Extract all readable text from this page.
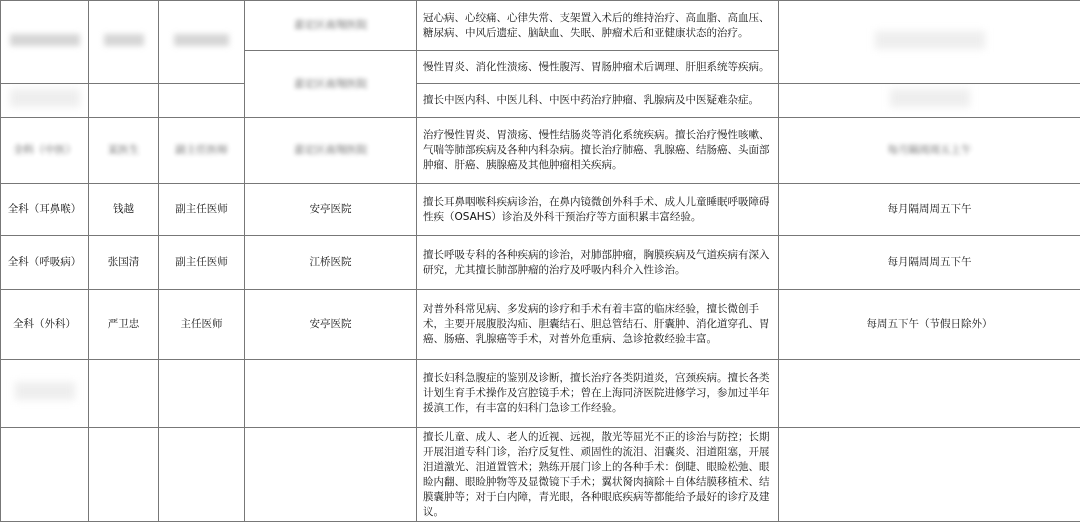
			嘉定区南翔医院	冠心病、心绞痛、心律失常、支架置入术后的维持治疗、高血脂、高血压、糖尿病、中风后遗症、脑缺血、失眠、肿瘤术后和亚健康状态的治疗。	
			嘉定区南翔医院	慢性胃炎、消化性溃疡、慢性腹泻、胃肠肿瘤术后调理、肝胆系统等疾病。	
				擅长中医内科、中医儿科、中医中药治疗肿瘤、乳腺病及中医疑难杂症。	
全科（中医）	某医生	副主任医师	嘉定区南翔医院	治疗慢性胃炎、胃溃疡、慢性结肠炎等消化系统疾病。擅长治疗慢性咳嗽、气喘等肺部疾病及各种内科杂病。擅长治疗肺癌、乳腺癌、结肠癌、头面部肿瘤、肝癌、胰腺癌及其他肿瘤相关疾病。	每月隔周周五上午
全科（耳鼻喉）	钱越	副主任医师	安亭医院	擅长耳鼻咽喉科疾病诊治，在鼻内镜微创外科手术、成人儿童睡眠呼吸障碍性疾（OSAHS）诊治及外科干预治疗等方面积累丰富经验。	每月隔周周五下午
全科（呼吸病）	张国清	副主任医师	江桥医院	擅长呼吸专科的各种疾病的诊治，对肺部肿瘤，胸膜疾病及气道疾病有深入研究，尤其擅长肺部肿瘤的治疗及呼吸内科介入性诊治。	每月隔周周五下午
全科（外科）	严卫忠	主任医师	安亭医院	对普外科常见病、多发病的诊疗和手术有着丰富的临床经验，擅长微创手术，主要开展腹股沟疝、胆囊结石、胆总管结石、肝囊肿、消化道穿孔、胃癌、肠癌、乳腺癌等手术，对普外危重病、急诊抢救经验丰富。	每周五下午（节假日除外）
				擅长妇科急腹症的鉴别及诊断，擅长治疗各类阴道炎，宫颈疾病。擅长各类计划生育手术操作及宫腔镜手术；曾在上海同济医院进修学习，参加过半年援滇工作，有丰富的妇科门急诊工作经验。	
				擅长儿童、成人、老人的近视、远视，散光等屈光不正的诊治与防控；长期开展泪道专科门诊，治疗反复性、顽固性的流泪、泪囊炎、泪道阻塞，开展泪道激光、泪道置管术；熟练开展门诊上的各种手术：倒睫、眼睑松弛、眼睑内翻、眼睑肿物等及显微镜下手术；翼状胬肉摘除＋自体结膜移植术、结膜囊肿等；对于白内障，青光眼，各种眼底疾病等都能给予最好的诊疗及建议。	
